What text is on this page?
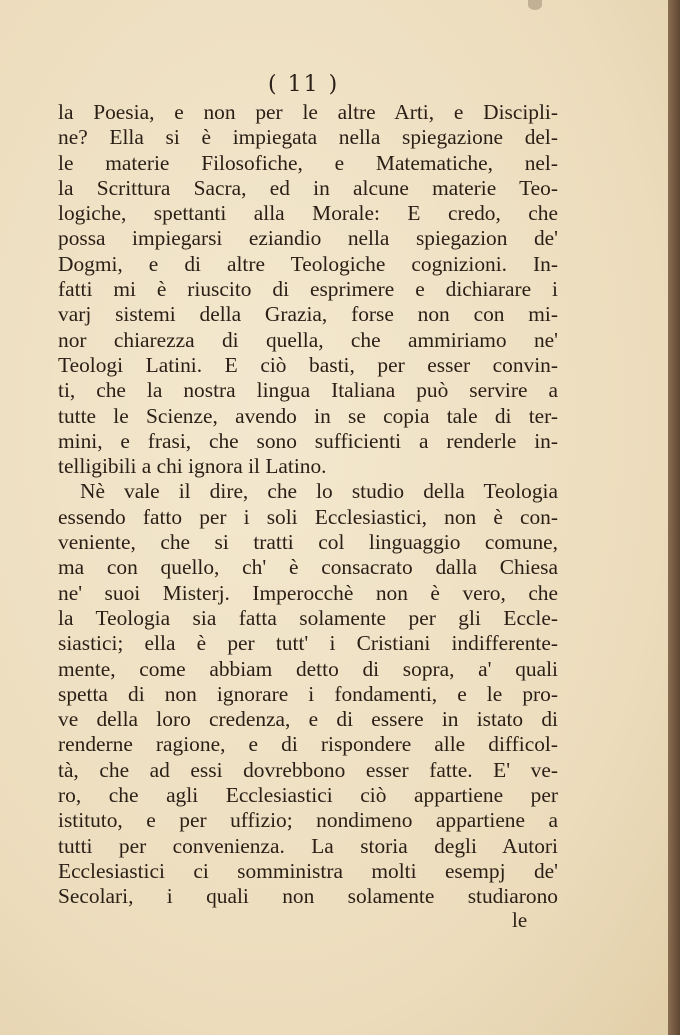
( 11 )
la Poesia, e non per le altre Arti, e Discipli-
ne? Ella si è impiegata nella spiegazione del-
le materie Filosofiche, e Matematiche, nel-
la Scrittura Sacra, ed in alcune materie Teo-
logiche, spettanti alla Morale: E credo, che
possa impiegarsi eziandio nella spiegazion de'
Dogmi, e di altre Teologiche cognizioni. In-
fatti mi è riuscito di esprimere e dichiarare i
varj sistemi della Grazia, forse non con mi-
nor chiarezza di quella, che ammiriamo ne'
Teologi Latini. E ciò basti, per esser convin-
ti, che la nostra lingua Italiana può servire a
tutte le Scienze, avendo in se copia tale di ter-
mini, e frasi, che sono sufficienti a renderle in-
telligibili a chi ignora il Latino.
Nè vale il dire, che lo studio della Teologia
essendo fatto per i soli Ecclesiastici, non è con-
veniente, che si tratti col linguaggio comune,
ma con quello, ch' è consacrato dalla Chiesa
ne' suoi Misterj. Imperocchè non è vero, che
la Teologia sia fatta solamente per gli Eccle-
siastici; ella è per tutt' i Cristiani indifferente-
mente, come abbiam detto di sopra, a' quali
spetta di non ignorare i fondamenti, e le pro-
ve della loro credenza, e di essere in istato di
renderne ragione, e di rispondere alle difficol-
tà, che ad essi dovrebbono esser fatte. E' ve-
ro, che agli Ecclesiastici ciò appartiene per
istituto, e per uffizio; nondimeno appartiene a
tutti per convenienza. La storia degli Autori
Ecclesiastici ci somministra molti esempj de'
Secolari, i quali non solamente studiarono
le
